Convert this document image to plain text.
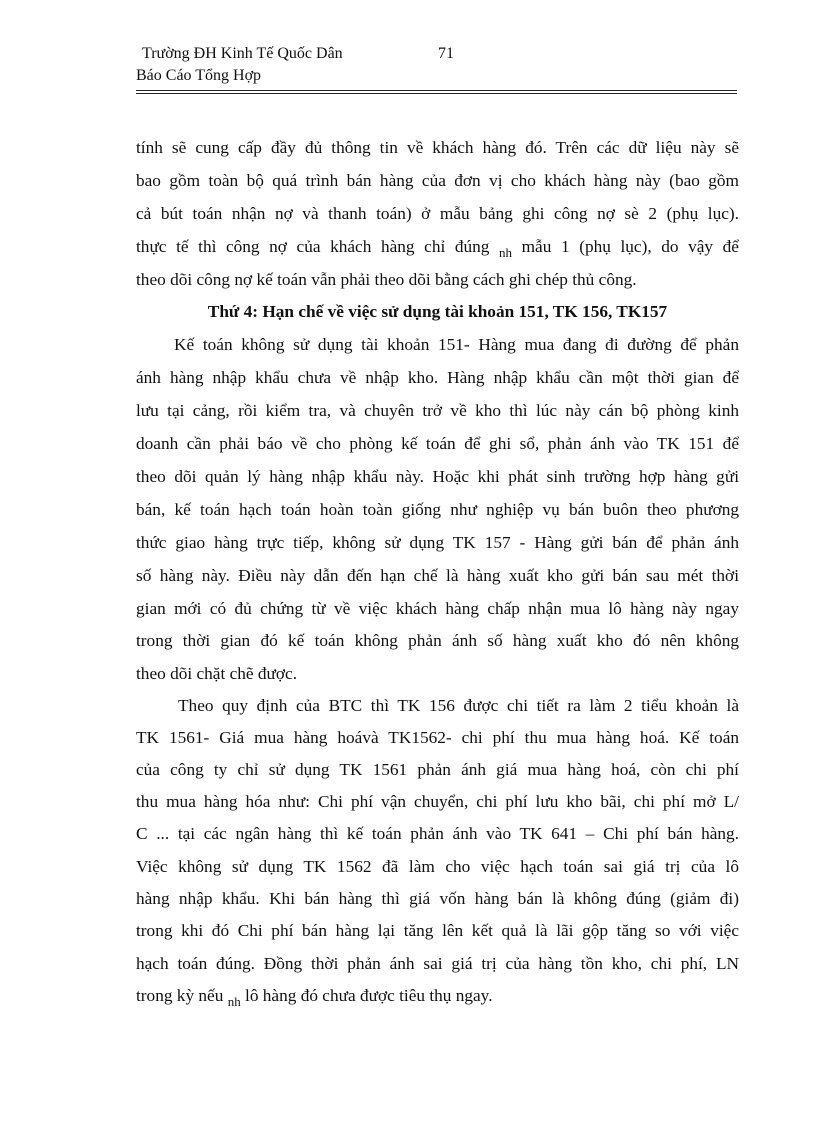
Trường ĐH Kinh Tế Quốc Dân	71
Báo Cáo Tổng Hợp
tính sẽ cung cấp đầy đủ thông tin về khách hàng đó. Trên các dữ liệu này sẽ
bao gồm toàn bộ quá trình bán hàng của đơn vị cho khách hàng này (bao gồm
cả bút toán nhận nợ và thanh toán) ở mẫu bảng ghi công nợ sè 2 (phụ lục).
thực tế thì công nợ của khách hàng chỉ đúng $_{nh}$ mẫu 1 (phụ lục), do vậy để
theo dõi công nợ kế toán vẫn phải theo dõi bằng cách ghi chép thủ công.
Thứ 4: Hạn chế về việc sử dụng tài khoản 151, TK 156, TK157
Kế toán không sử dụng tài khoản 151- Hàng mua đang đi đường để phản
ánh hàng nhập khẩu chưa về nhập kho. Hàng nhập khẩu cần một thời gian để
lưu tại cảng, rồi kiểm tra, và chuyên trở về kho thì lúc này cán bộ phòng kinh
doanh cần phải báo về cho phòng kế toán để ghi sổ, phản ánh vào TK 151 để
theo dõi quản lý hàng nhập khẩu này. Hoặc khi phát sinh trường hợp hàng gửi
bán, kế toán hạch toán hoàn toàn giống như nghiệp vụ bán buôn theo phương
thức giao hàng trực tiếp, không sử dụng TK 157 - Hàng gửi bán để phản ánh
số hàng này. Điều này dẫn đến hạn chế là hàng xuất kho gửi bán sau mét thời
gian mới có đủ chứng từ về việc khách hàng chấp nhận mua lô hàng này ngay
trong thời gian đó kế toán không phản ánh số hàng xuất kho đó nên không
theo dõi chặt chẽ được.
Theo quy định của BTC thì TK 156 được chi tiết ra làm 2 tiểu khoản là
TK 1561- Giá mua hàng hoávà TK1562- chi phí thu mua hàng hoá. Kế toán
của công ty chỉ sử dụng TK 1561 phản ánh giá mua hàng hoá, còn chi phí
thu mua hàng hóa như: Chi phí vận chuyển, chi phí lưu kho bãi, chi phí mở L/
C ... tại các ngân hàng thì kế toán phản ánh vào TK 641 – Chi phí bán hàng.
Việc không sử dụng TK 1562 đã làm cho việc hạch toán sai giá trị của lô
hàng nhập khẩu. Khi bán hàng thì giá vốn hàng bán là không đúng (giảm đi)
trong khi đó Chi phí bán hàng lại tăng lên kết quả là lãi gộp tăng so với việc
hạch toán đúng. Đồng thời phản ánh sai giá trị của hàng tồn kho, chi phí, LN
trong kỳ nếu $_{nh}$ lô hàng đó chưa được tiêu thụ ngay.
